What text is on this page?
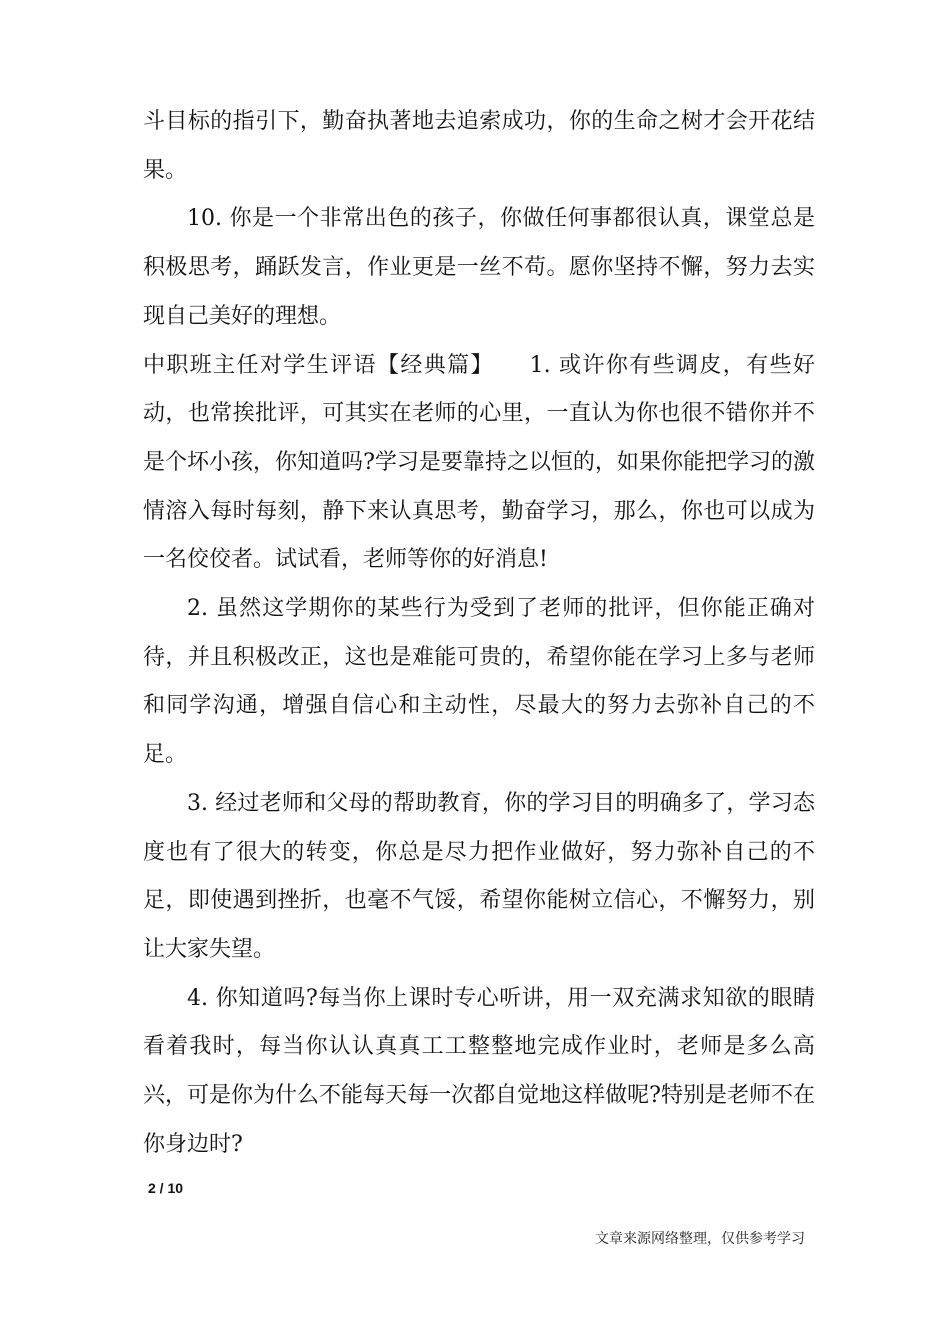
斗目标的指引下，勤奋执著地去追索成功，你的生命之树才会开花结果。

10. 你是一个非常出色的孩子，你做任何事都很认真，课堂总是积极思考，踊跃发言，作业更是一丝不苟。愿你坚持不懈，努力去实现自己美好的理想。

中职班主任对学生评语【经典篇】　　1. 或许你有些调皮，有些好动，也常挨批评，可其实在老师的心里，一直认为你也很不错你并不是个坏小孩，你知道吗?学习是要靠持之以恒的，如果你能把学习的激情溶入每时每刻，静下来认真思考，勤奋学习，那么，你也可以成为一名佼佼者。试试看，老师等你的好消息!

2. 虽然这学期你的某些行为受到了老师的批评，但你能正确对待，并且积极改正，这也是难能可贵的，希望你能在学习上多与老师和同学沟通，增强自信心和主动性，尽最大的努力去弥补自己的不足。

3. 经过老师和父母的帮助教育，你的学习目的明确多了，学习态度也有了很大的转变，你总是尽力把作业做好，努力弥补自己的不足，即使遇到挫折，也毫不气馁，希望你能树立信心，不懈努力，别让大家失望。

4. 你知道吗?每当你上课时专心听讲，用一双充满求知欲的眼睛看着我时，每当你认认真真工工整整地完成作业时，老师是多么高兴，可是你为什么不能每天每一次都自觉地这样做呢?特别是老师不在你身边时?

2 / 10
文章来源网络整理，仅供参考学习
